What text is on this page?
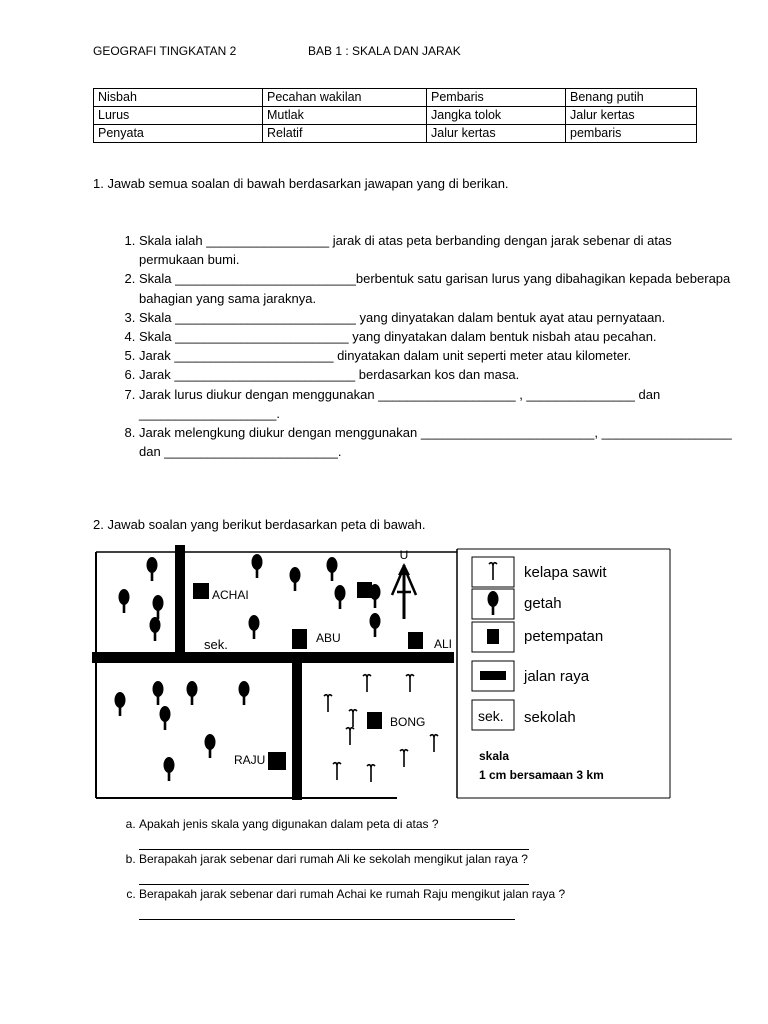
GEOGRAFI TINGKATAN 2	BAB 1 : SKALA DAN JARAK
Nisbah	Pecahan wakilan	Pembaris	Benang putih
Lurus	Mutlak	Jangka tolok	Jalur kertas
Penyata	Relatif	Jalur kertas	pembaris
1. Jawab semua soalan di bawah berdasarkan jawapan yang di berikan.
1. Skala ialah _________________ jarak di atas peta berbanding dengan jarak sebenar di atas permukaan bumi.
2. Skala _________________________berbentuk satu garisan lurus yang dibahagikan kepada beberapa bahagian yang sama jaraknya.
3. Skala _________________________ yang dinyatakan dalam bentuk ayat atau pernyataan.
4. Skala ________________________ yang dinyatakan dalam bentuk nisbah atau pecahan.
5. Jarak ______________________ dinyatakan dalam unit seperti meter atau kilometer.
6. Jarak _________________________ berdasarkan kos dan masa.
7. Jarak lurus diukur dengan menggunakan ___________________ , _______________ dan ___________________.
8. Jarak melengkung diukur dengan menggunakan ________________________, __________________ dan ________________________.
2. Jawab soalan yang berikut berdasarkan peta di bawah.
U
ACHAI
ABU	ALI
sek.
BONG
RAJU
kelapa sawit
getah
petempatan
jalan raya
sek. sekolah
skala
1 cm bersamaan 3 km
a. Apakah jenis skala yang digunakan dalam peta di atas ?
b. Berapakah jarak sebenar dari rumah Ali ke sekolah mengikut jalan raya ?
c. Berapakah jarak sebenar dari rumah Achai ke rumah Raju mengikut jalan raya ?
